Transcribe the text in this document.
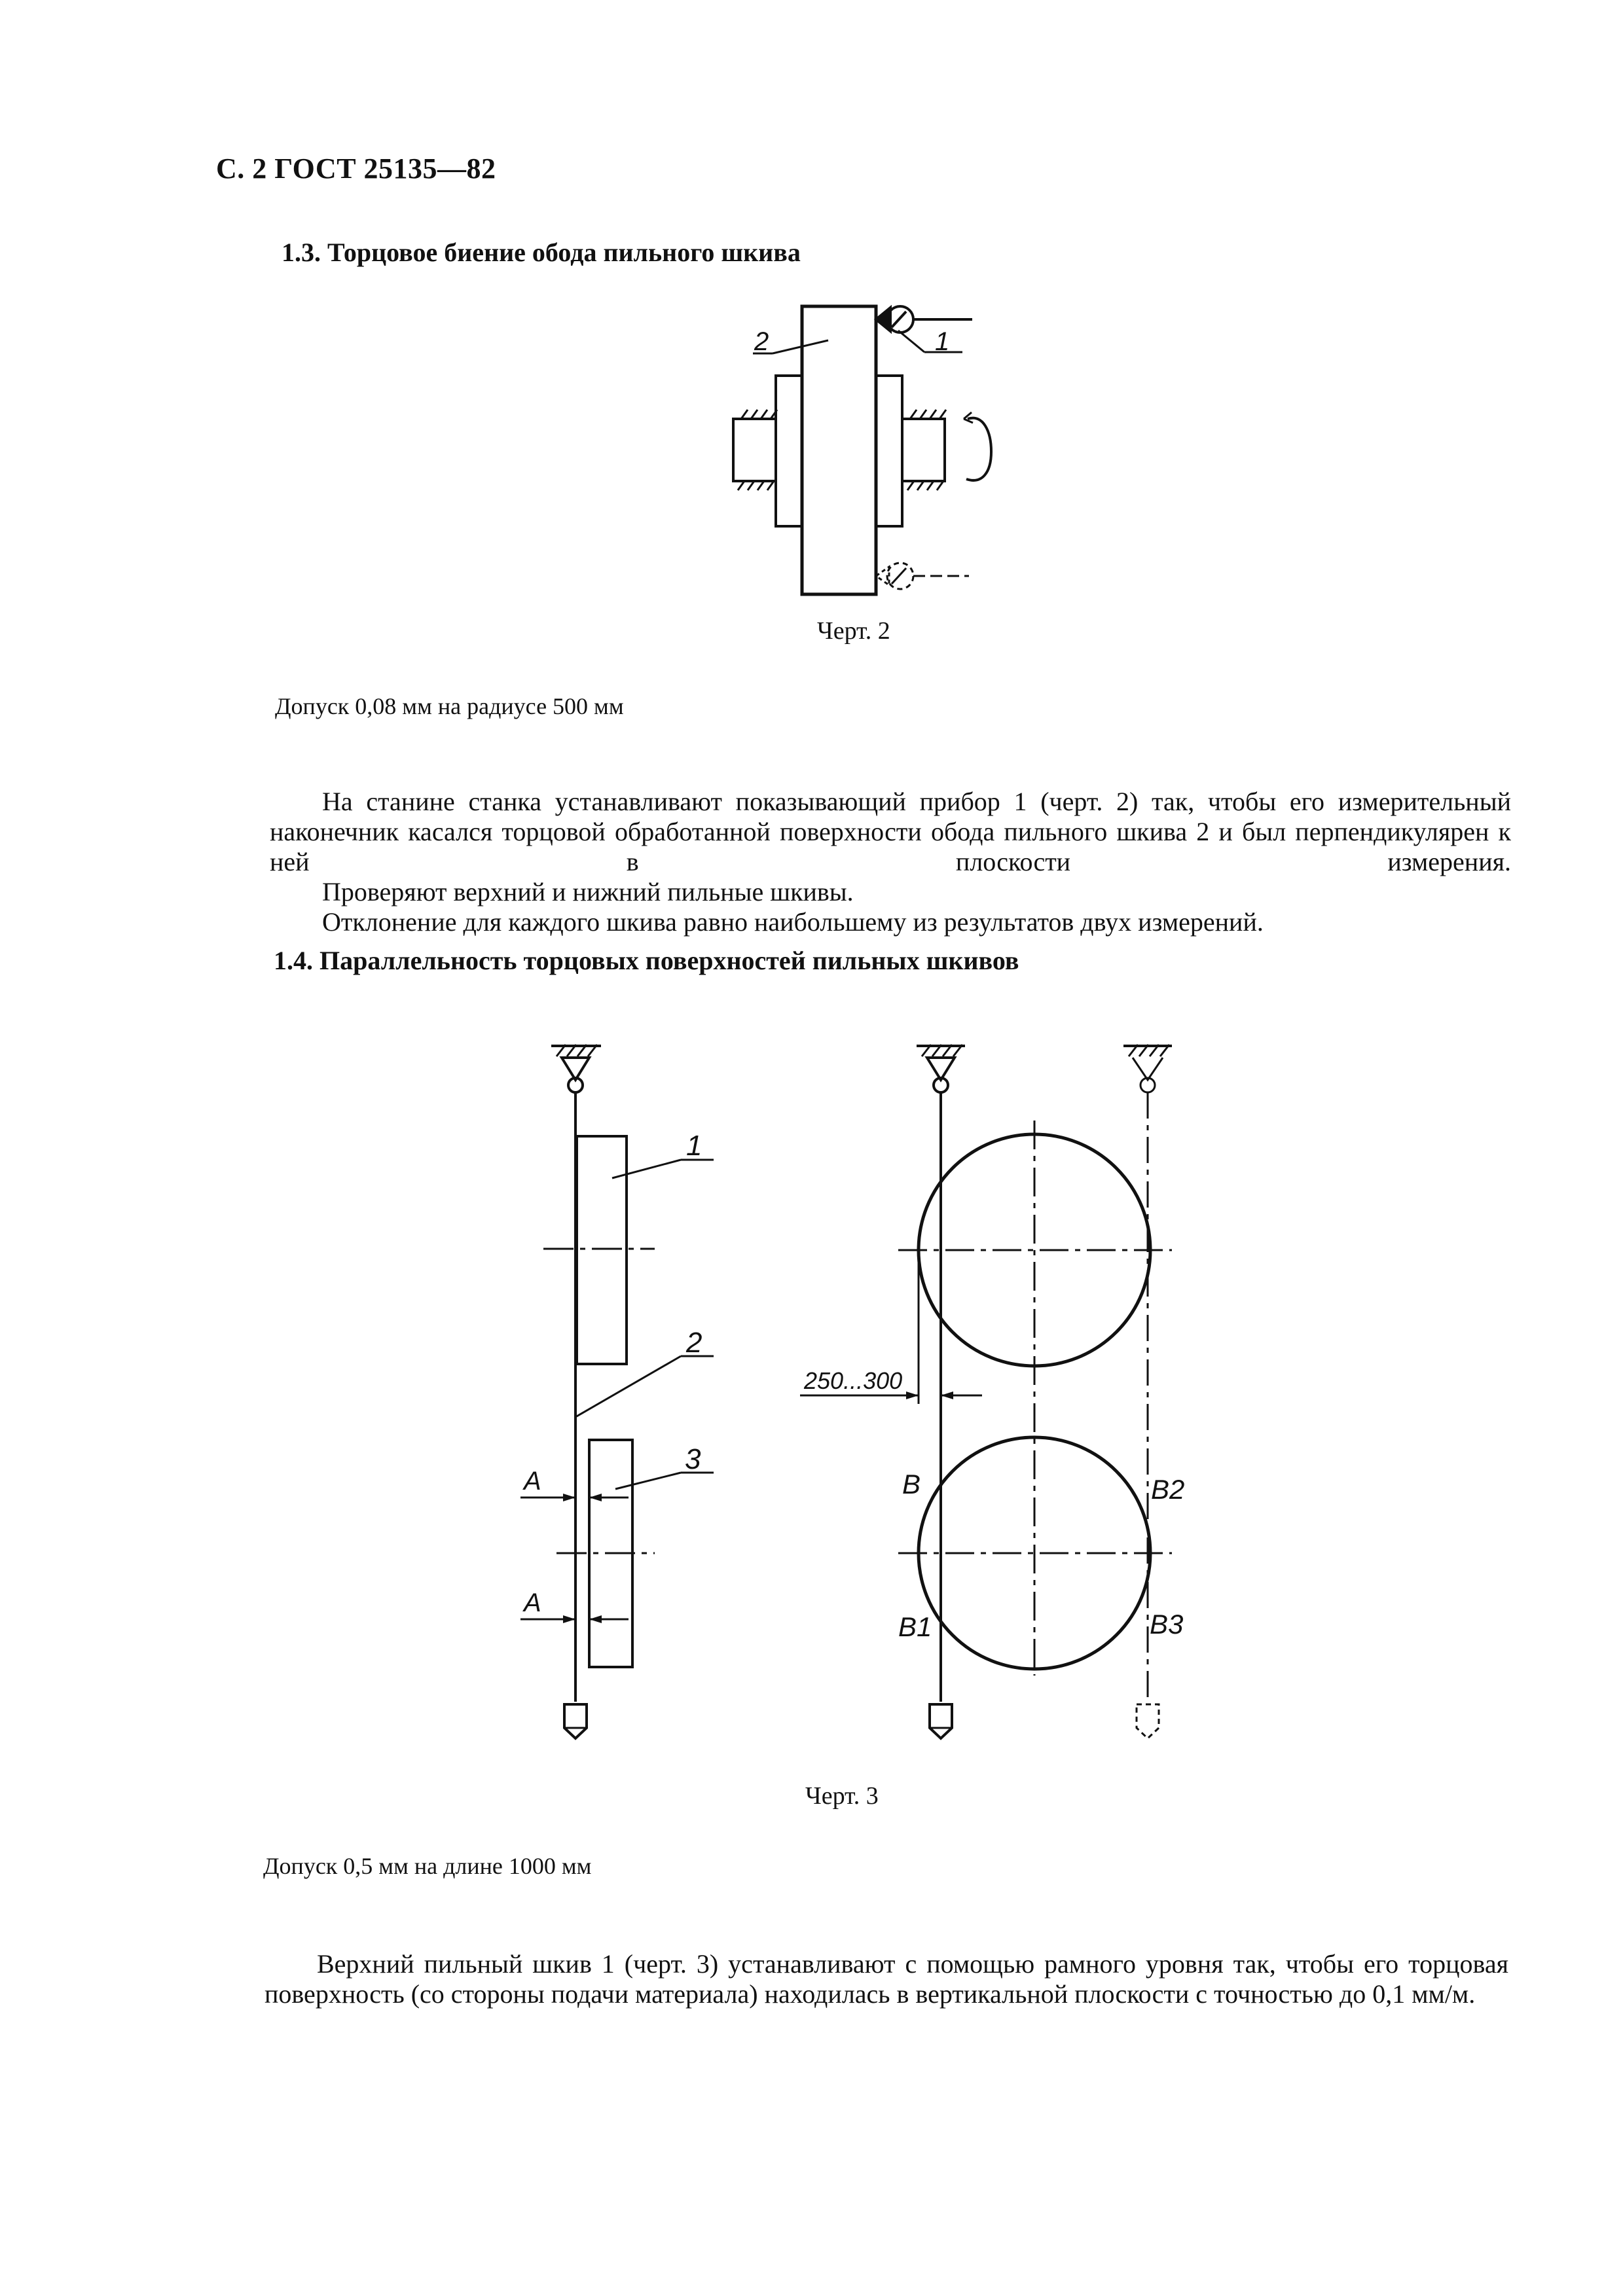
С. 2 ГОСТ 25135—82
1.3. Торцовое биение обода пильного шкива
2	1
Черт. 2
Допуск 0,08 мм на радиусе 500 мм

На станине станка устанавливают показывающий прибор 1 (черт. 2) так, чтобы его измерительный наконечник касался торцовой обработанной поверхности обода пильного шкива 2 и был перпендикулярен к ней в плоскости измерения.

Проверяют верхний и нижний пильные шкивы.

Отклонение для каждого шкива равно наибольшему из результатов двух измерений.

1.4. Параллельность торцовых поверхностей пильных шкивов
1
2
3
А
А
250...300
В
В1
В2
В3
Черт. 3
Допуск 0,5 мм на длине 1000 мм

Верхний пильный шкив 1 (черт. 3) устанавливают с помощью рамного уровня так, чтобы его торцовая поверхность (со стороны подачи материала) находилась в вертикальной плоскости с точностью до 0,1 мм/м.
